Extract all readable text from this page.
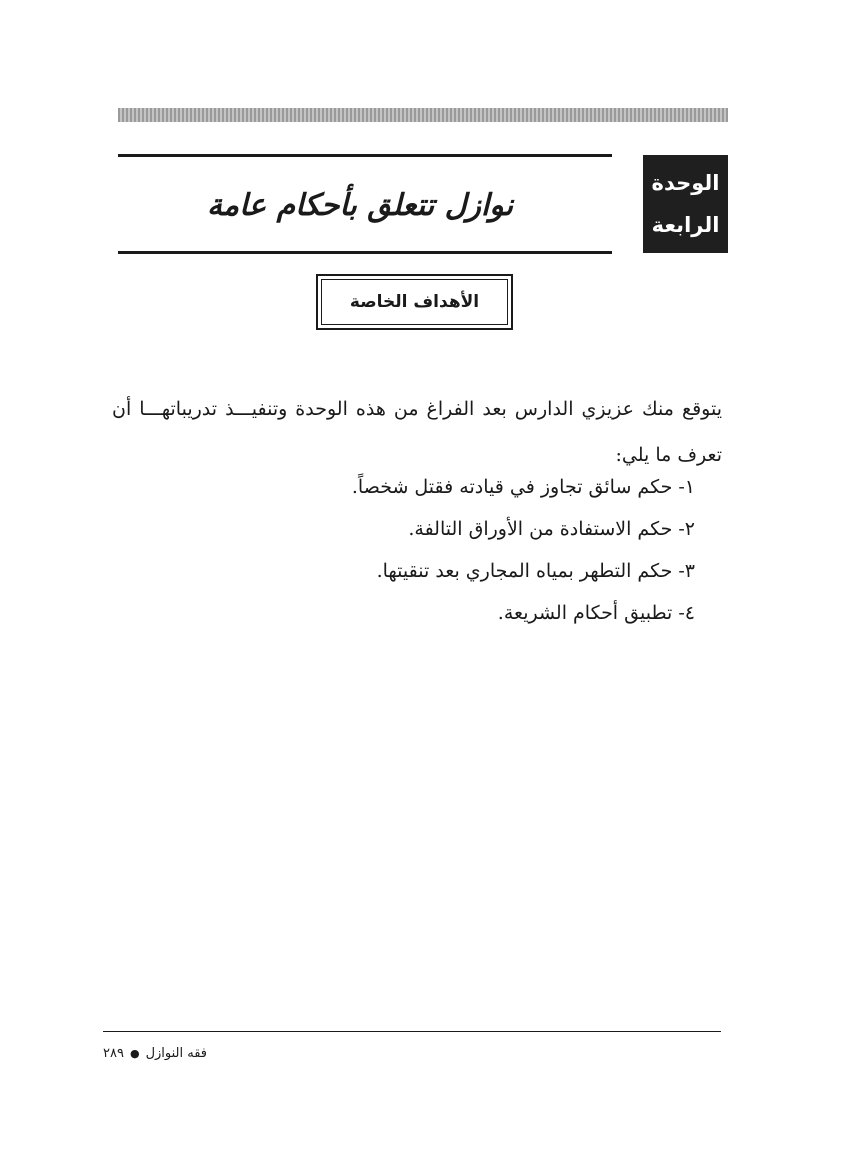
نوازل تتعلق بأحكام عامة
الوحدة
الرابعة
الأهداف الخاصة
يتوقع منك عزيزي الدارس بعد الفراغ من هذه الوحدة وتنفيـــذ تدريباتهـــا أن تعرف ما يلي:
١- حكم سائق تجاوز في قيادته فقتل شخصاً.
٢- حكم الاستفادة من الأوراق التالفة.
٣- حكم التطهر بمياه المجاري بعد تنقيتها.
٤- تطبيق أحكام الشريعة.
فقه النوازل
●
٢٨٩
